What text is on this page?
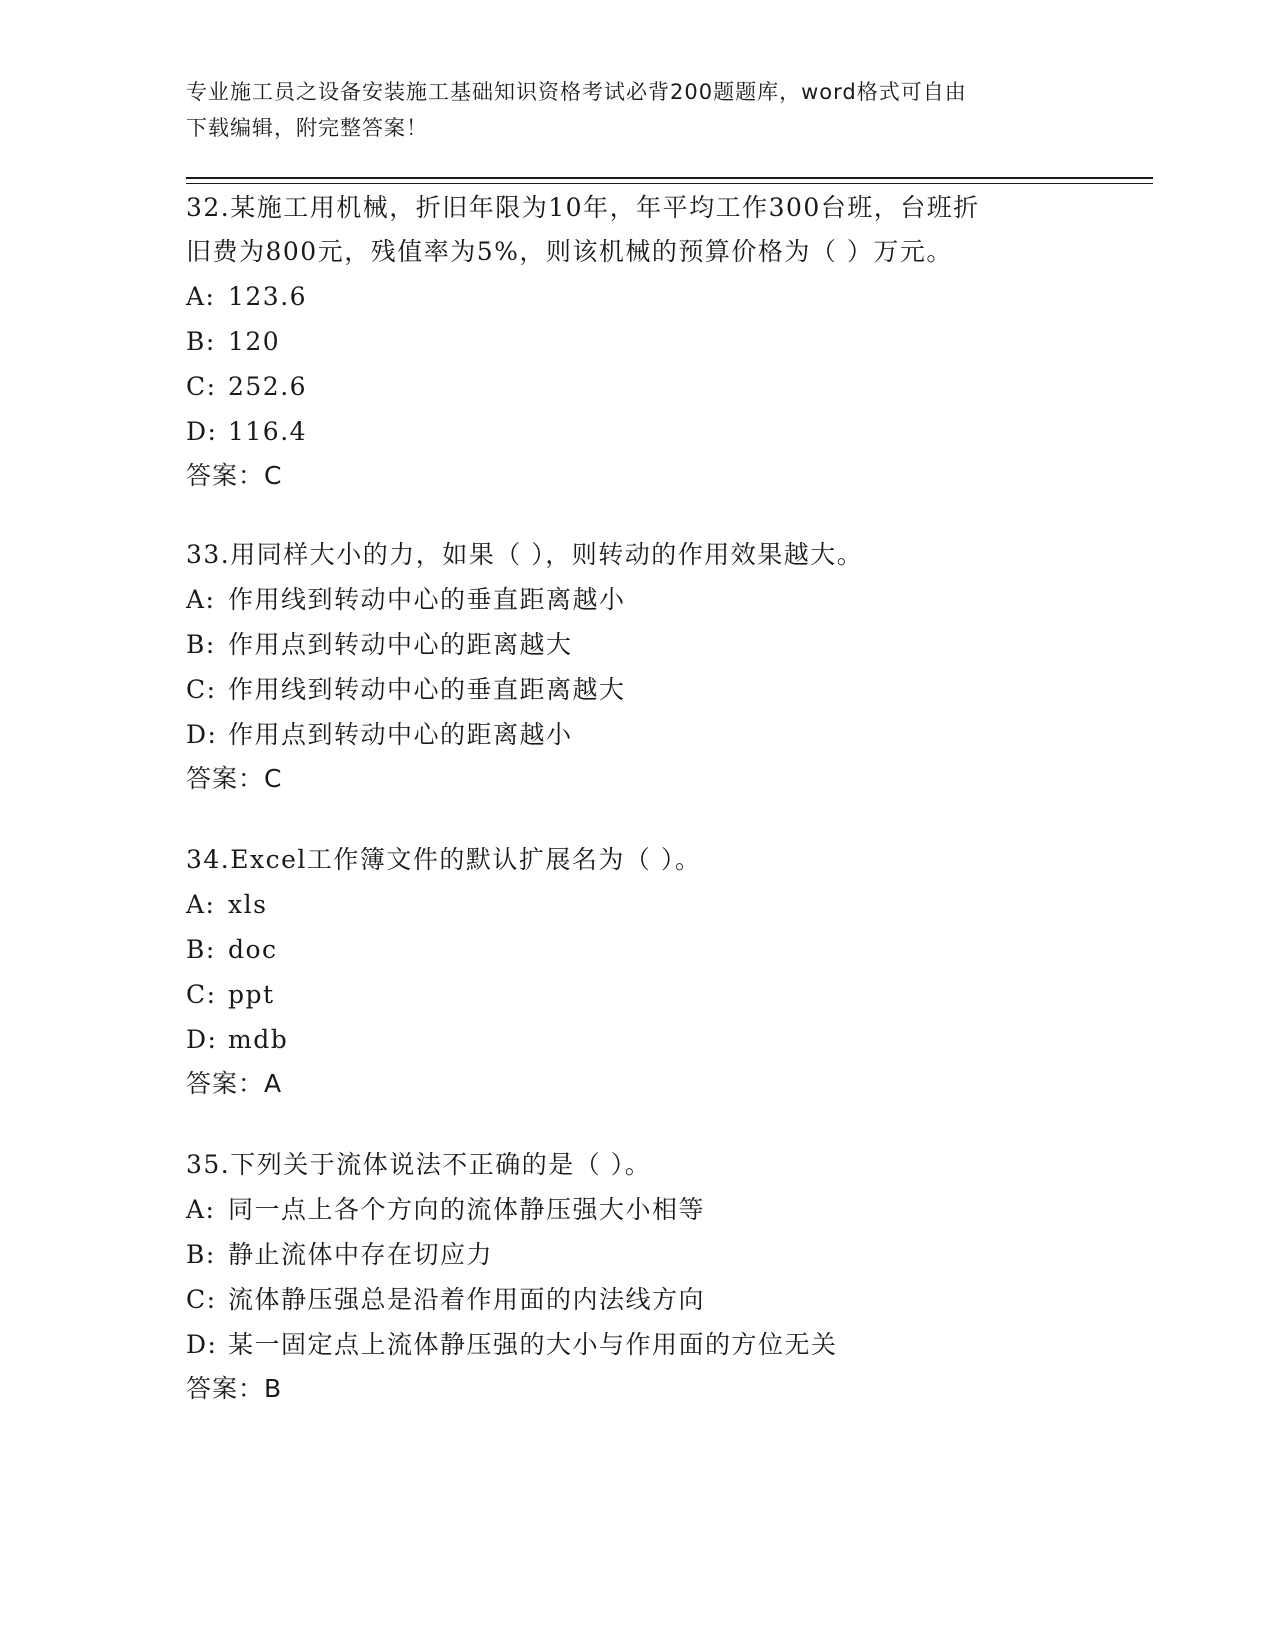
专业施工员之设备安装施工基础知识资格考试必背200题题库，word格式可自由
下载编辑，附完整答案！
32.某施工用机械，折旧年限为10年，年平均工作300台班，台班折
旧费为800元，残值率为5%，则该机械的预算价格为（ ）万元。
A: 123.6
B: 120
C: 252.6
D: 116.4
答案：C
33.用同样大小的力，如果（ ），则转动的作用效果越大。
A: 作用线到转动中心的垂直距离越小
B: 作用点到转动中心的距离越大
C: 作用线到转动中心的垂直距离越大
D: 作用点到转动中心的距离越小
答案：C
34.Excel工作簿文件的默认扩展名为（ ）。
A: xls
B: doc
C: ppt
D: mdb
答案：A
35.下列关于流体说法不正确的是（ ）。
A: 同一点上各个方向的流体静压强大小相等
B: 静止流体中存在切应力
C: 流体静压强总是沿着作用面的内法线方向
D: 某一固定点上流体静压强的大小与作用面的方位无关
答案：B
